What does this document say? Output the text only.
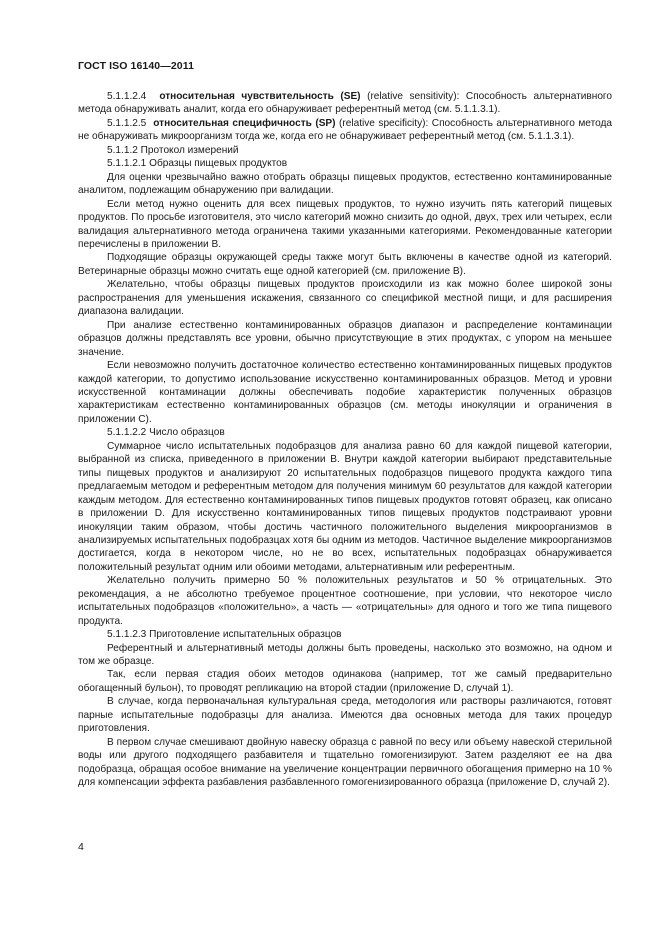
ГОСТ ISO 16140—2011

5.1.1.2.4 относительная чувствительность (SE) (relative sensitivity): Способность альтернативного метода обнаруживать аналит, когда его обнаруживает референтный метод (см. 5.1.1.3.1).

5.1.1.2.5 относительная специфичность (SP) (relative specificity): Способность альтернативного метода не обнаруживать микроорганизм тогда же, когда его не обнаруживает референтный метод (см. 5.1.1.3.1).

5.1.1.2 Протокол измерений

5.1.1.2.1 Образцы пищевых продуктов

Для оценки чрезвычайно важно отобрать образцы пищевых продуктов, естественно контаминированные аналитом, подлежащим обнаружению при валидации.

Если метод нужно оценить для всех пищевых продуктов, то нужно изучить пять категорий пищевых продуктов. По просьбе изготовителя, это число категорий можно снизить до одной, двух, трех или четырех, если валидация альтернативного метода ограничена такими указанными категориями. Рекомендованные категории перечислены в приложении B.

Подходящие образцы окружающей среды также могут быть включены в качестве одной из категорий. Ветеринарные образцы можно считать еще одной категорией (см. приложение B).

Желательно, чтобы образцы пищевых продуктов происходили из как можно более широкой зоны распространения для уменьшения искажения, связанного со спецификой местной пищи, и для расширения диапазона валидации.

При анализе естественно контаминированных образцов диапазон и распределение контаминации образцов должны представлять все уровни, обычно присутствующие в этих продуктах, с упором на меньшее значение.

Если невозможно получить достаточное количество естественно контаминированных пищевых продуктов каждой категории, то допустимо использование искусственно контаминированных образцов. Метод и уровни искусственной контаминации должны обеспечивать подобие характеристик полученных образцов характеристикам естественно контаминированных образцов (см. методы инокуляции и ограничения в приложении C).

5.1.1.2.2 Число образцов

Суммарное число испытательных подобразцов для анализа равно 60 для каждой пищевой категории, выбранной из списка, приведенного в приложении B. Внутри каждой категории выбирают представительные типы пищевых продуктов и анализируют 20 испытательных подобразцов пищевого продукта каждого типа предлагаемым методом и референтным методом для получения минимум 60 результатов для каждой категории каждым методом. Для естественно контаминированных типов пищевых продуктов готовят образец, как описано в приложении D. Для искусственно контаминированных типов пищевых продуктов подстраивают уровни инокуляции таким образом, чтобы достичь частичного положительного выделения микроорганизмов в анализируемых испытательных подобразцах хотя бы одним из методов. Частичное выделение микроорганизмов достигается, когда в некотором числе, но не во всех, испытательных подобразцах обнаруживается положительный результат одним или обоими методами, альтернативным или референтным.

Желательно получить примерно 50 % положительных результатов и 50 % отрицательных. Это рекомендация, а не абсолютно требуемое процентное соотношение, при условии, что некоторое число испытательных подобразцов «положительно», а часть — «отрицательны» для одного и того же типа пищевого продукта.

5.1.1.2.3 Приготовление испытательных образцов

Референтный и альтернативный методы должны быть проведены, насколько это возможно, на одном и том же образце.

Так, если первая стадия обоих методов одинакова (например, тот же самый предварительно обогащенный бульон), то проводят репликацию на второй стадии (приложение D, случай 1).

В случае, когда первоначальная культуральная среда, методология или растворы различаются, готовят парные испытательные подобразцы для анализа. Имеются два основных метода для таких процедур приготовления.

В первом случае смешивают двойную навеску образца с равной по весу или объему навеской стерильной воды или другого подходящего разбавителя и тщательно гомогенизируют. Затем разделяют ее на два подобразца, обращая особое внимание на увеличение концентрации первичного обогащения примерно на 10 % для компенсации эффекта разбавления разбавленного гомогенизированного образца (приложение D, случай 2).

4
